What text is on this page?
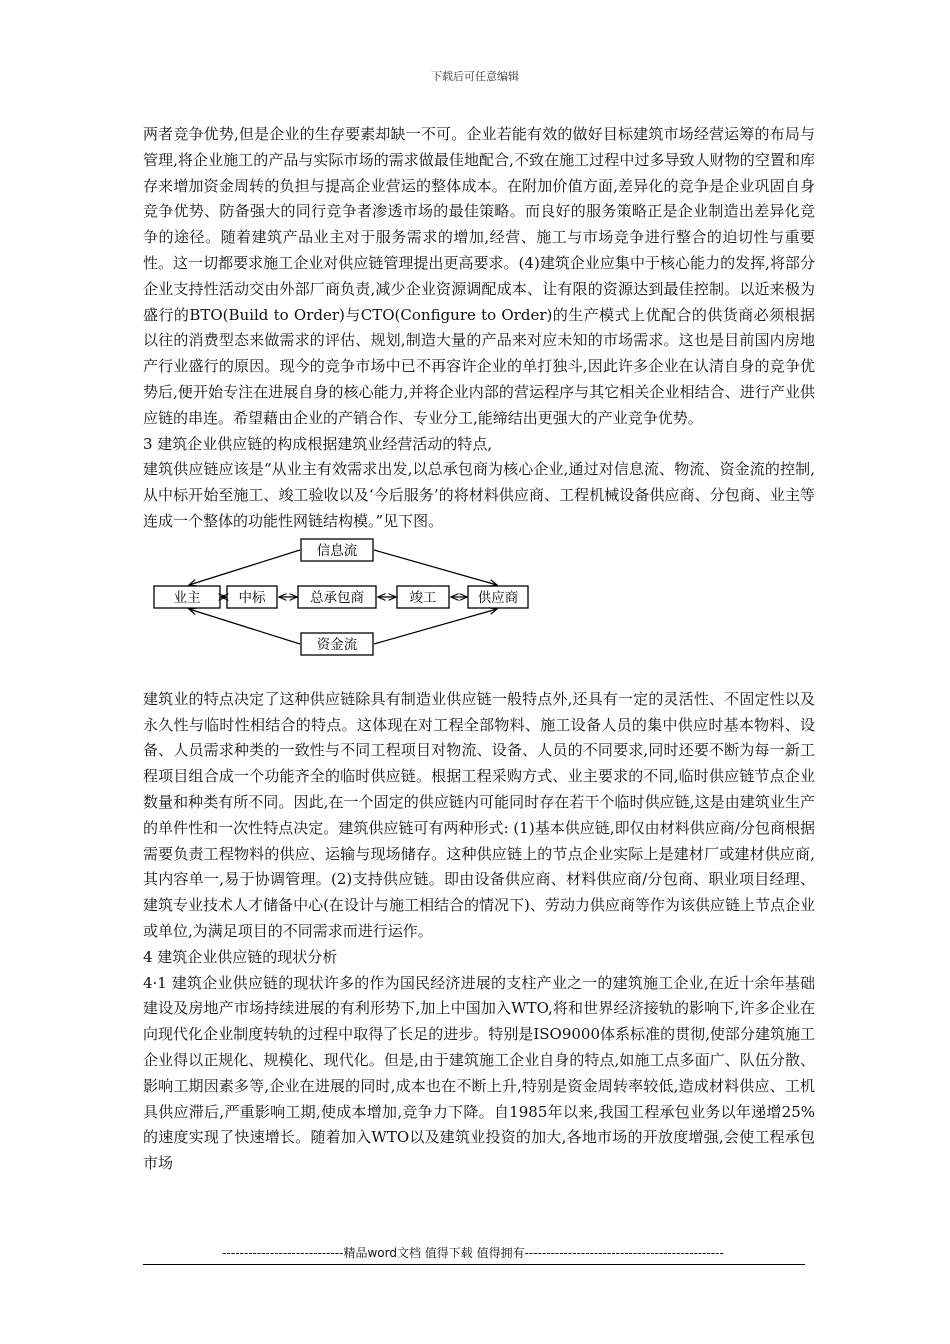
下载后可任意编辑

两者竞争优势,但是企业的生存要素却缺一不可。企业若能有效的做好目标建筑市场经营运筹的布局与管理,将企业施工的产品与实际市场的需求做最佳地配合,不致在施工过程中过多导致人财物的空置和库存来增加资金周转的负担与提高企业营运的整体成本。在附加价值方面,差异化的竞争是企业巩固自身竞争优势、防备强大的同行竞争者渗透市场的最佳策略。而良好的服务策略正是企业制造出差异化竞争的途径。随着建筑产品业主对于服务需求的增加,经营、施工与市场竞争进行整合的迫切性与重要性。这一切都要求施工企业对供应链管理提出更高要求。(4)建筑企业应集中于核心能力的发挥,将部分企业支持性活动交由外部厂商负责,减少企业资源调配成本、让有限的资源达到最佳控制。以近来极为盛行的BTO(Build to Order)与CTO(Configure to Order)的生产模式上优配合的供货商必须根据以往的消费型态来做需求的评估、规划,制造大量的产品来对应未知的市场需求。这也是目前国内房地产行业盛行的原因。现今的竞争市场中已不再容许企业的单打独斗,因此许多企业在认清自身的竞争优势后,便开始专注在进展自身的核心能力,并将企业内部的营运程序与其它相关企业相结合、进行产业供应链的串连。希望藉由企业的产销合作、专业分工,能缔结出更强大的产业竞争优势。

3 建筑企业供应链的构成根据建筑业经营活动的特点,

建筑供应链应该是“从业主有效需求出发,以总承包商为核心企业,通过对信息流、物流、资金流的控制,从中标开始至施工、竣工验收以及‘今后服务’的将材料供应商、工程机械设备供应商、分包商、业主等连成一个整体的功能性网链结构模。”见下图。

信息流
业主	中标	总承包商	竣工	供应商
资金流

建筑业的特点决定了这种供应链除具有制造业供应链一般特点外,还具有一定的灵活性、不固定性以及永久性与临时性相结合的特点。这体现在对工程全部物料、施工设备人员的集中供应时基本物料、设备、人员需求种类的一致性与不同工程项目对物流、设备、人员的不同要求,同时还要不断为每一新工程项目组合成一个功能齐全的临时供应链。根据工程采购方式、业主要求的不同,临时供应链节点企业数量和种类有所不同。因此,在一个固定的供应链内可能同时存在若干个临时供应链,这是由建筑业生产的单件性和一次性特点决定。建筑供应链可有两种形式: (1)基本供应链,即仅由材料供应商/分包商根据需要负责工程物料的供应、运输与现场储存。这种供应链上的节点企业实际上是建材厂或建材供应商,其内容单一,易于协调管理。(2)支持供应链。即由设备供应商、材料供应商/分包商、职业项目经理、建筑专业技术人才储备中心(在设计与施工相结合的情况下)、劳动力供应商等作为该供应链上节点企业或单位,为满足项目的不同需求而进行运作。

4 建筑企业供应链的现状分析

4·1 建筑企业供应链的现状许多的作为国民经济进展的支柱产业之一的建筑施工企业,在近十余年基础建设及房地产市场持续进展的有利形势下,加上中国加入WTO,将和世界经济接轨的影响下,许多企业在向现代化企业制度转轨的过程中取得了长足的进步。特别是ISO9000体系标准的贯彻,使部分建筑施工企业得以正规化、规模化、现代化。但是,由于建筑施工企业自身的特点,如施工点多面广、队伍分散、影响工期因素多等,企业在进展的同时,成本也在不断上升,特别是资金周转率较低,造成材料供应、工机具供应滞后,严重影响工期,使成本增加,竞争力下降。自1985年以来,我国工程承包业务以年递增25%的速度实现了快速增长。随着加入WTO以及建筑业投资的加大,各地市场的开放度增强,会使工程承包市场

----------------------------精品word文档 值得下载 值得拥有----------------------------------------------
